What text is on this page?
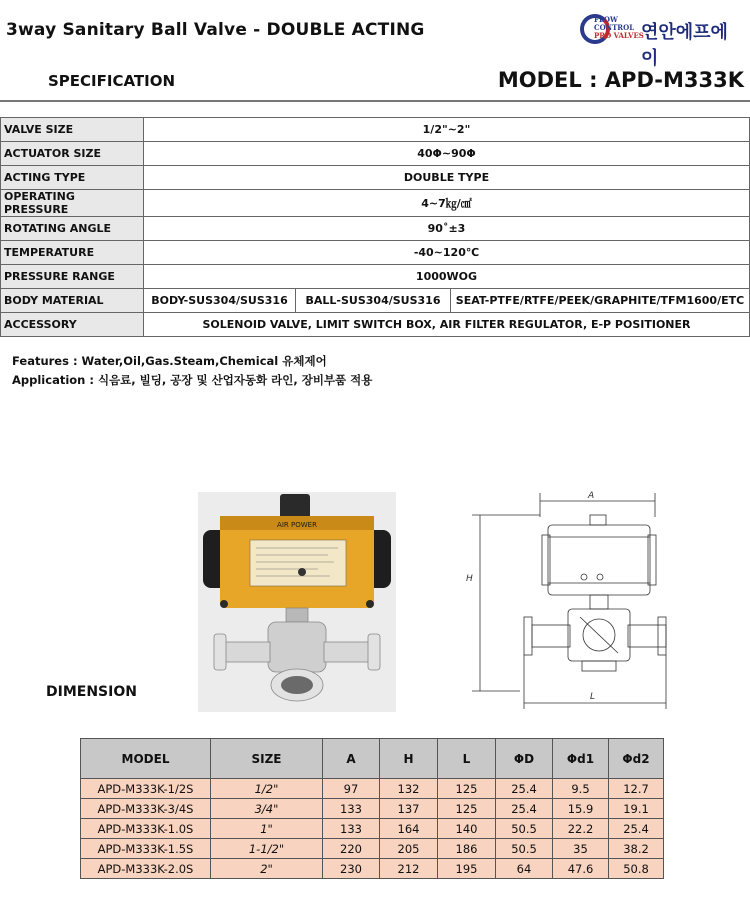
3way Sanitary Ball Valve - DOUBLE ACTING
FLOW
CONTROL
PRO VALVES
연안에프에이
SPECIFICATION	MODEL : APD-M333K
VALVE SIZE	1/2"~2"		
ACTUATOR SIZE	40Φ~90Φ		
ACTING TYPE	DOUBLE TYPE		
OPERATING PRESSURE	4~7㎏/㎠		
ROTATING ANGLE	90˚±3		
TEMPERATURE	-40~120℃		
PRESSURE RANGE	1000WOG		
BODY MATERIAL	BODY-SUS304/SUS316	BALL-SUS304/SUS316	SEAT-PTFE/RTFE/PEEK/GRAPHITE/TFM1600/ETC
ACCESSORY	SOLENOID VALVE, LIMIT SWITCH BOX, AIR FILTER REGULATOR, E-P POSITIONER		
Features : Water,Oil,Gas.Steam,Chemical 유체제어
Application : 식음료, 빌딩, 공장 및 산업자동화 라인, 장비부품 적용
AIR POWER
A
H
L
DIMENSION
MODEL	SIZE	A	H	L	ΦD	Φd1	Φd2
APD-M333K-1/2S	1/2"	97	132	125	25.4	9.5	12.7
APD-M333K-3/4S	3/4"	133	137	125	25.4	15.9	19.1
APD-M333K-1.0S	1"	133	164	140	50.5	22.2	25.4
APD-M333K-1.5S	1-1/2"	220	205	186	50.5	35	38.2
APD-M333K-2.0S	2"	230	212	195	64	47.6	50.8
